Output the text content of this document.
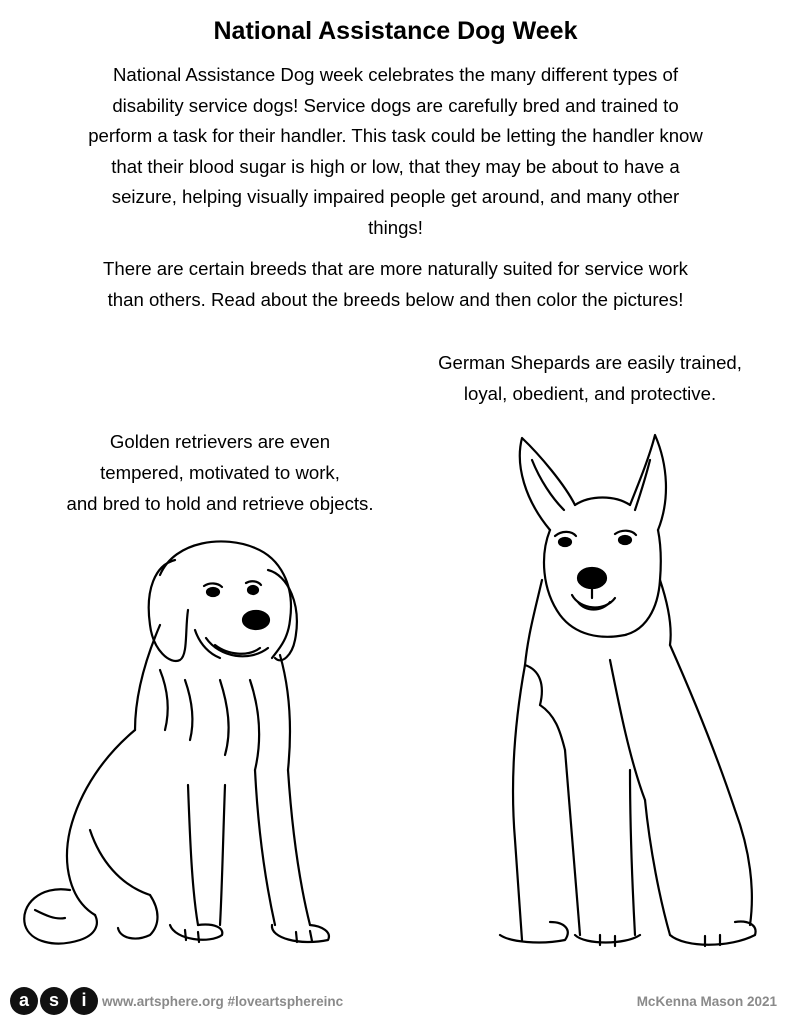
National Assistance Dog Week

National Assistance Dog week celebrates the many different types of
disability service dogs! Service dogs are carefully bred and trained to
perform a task for their handler. This task could be letting the handler know
that their blood sugar is high or low, that they may be about to have a
seizure, helping visually impaired people get around, and many other
things!

There are certain breeds that are more naturally suited for service work
than others. Read about the breeds below and then color the pictures!

German Shepards are easily trained,
loyal, obedient, and protective.

Golden retrievers are even
tempered, motivated to work,
and bred to hold and retrieve objects.

a	s	i	www.artsphere.org #loveartsphereinc	McKenna Mason 2021
